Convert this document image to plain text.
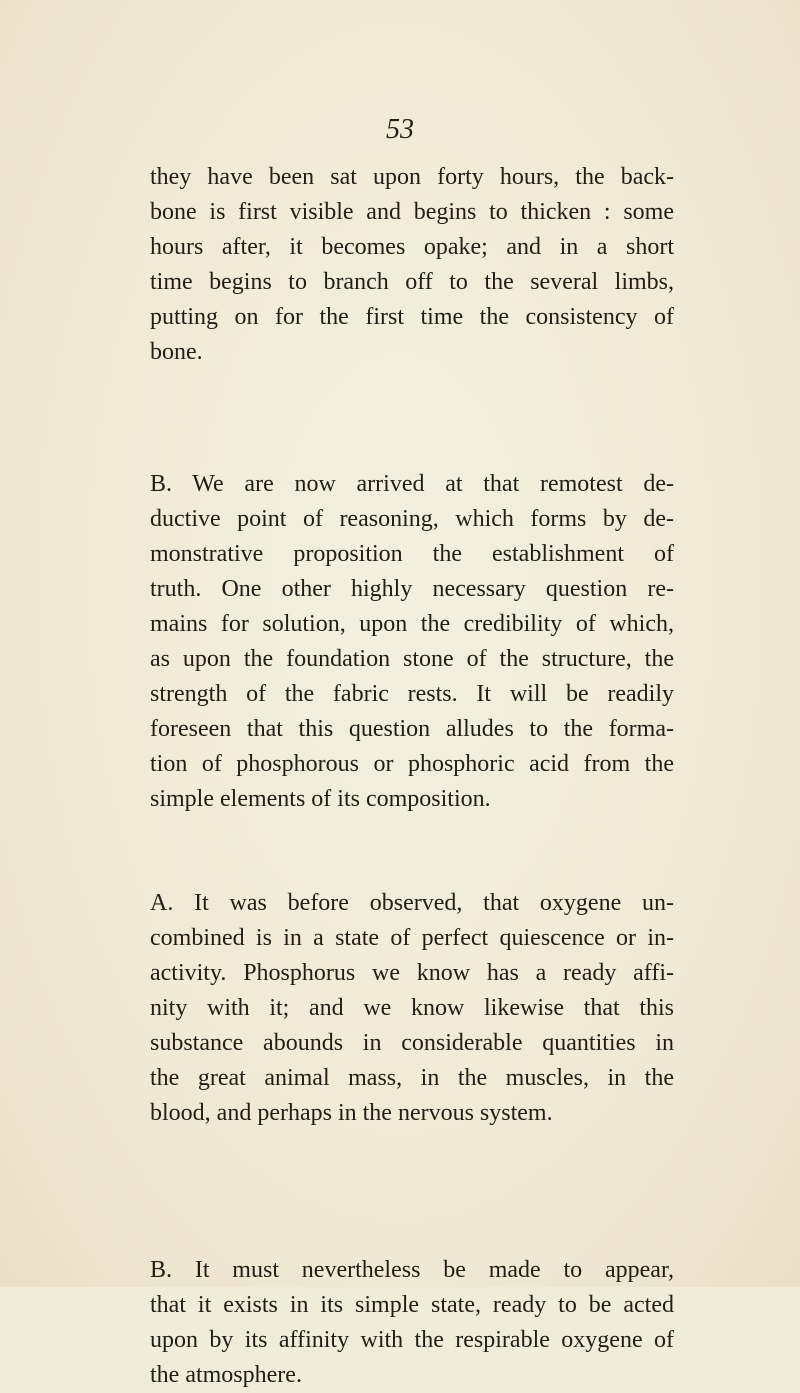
53

they have been sat upon forty hours, the back-
bone is first visible and begins to thicken : some
hours after, it becomes opake; and in a short
time begins to branch off to the several limbs,
putting on for the first time the consistency of
bone.

B. We are now arrived at that remotest de-
ductive point of reasoning, which forms by de-
monstrative proposition the establishment of
truth. One other highly necessary question re-
mains for solution, upon the credibility of which,
as upon the foundation stone of the structure, the
strength of the fabric rests. It will be readily
foreseen that this question alludes to the forma-
tion of phosphorous or phosphoric acid from the
simple elements of its composition.

A. It was before observed, that oxygene un-
combined is in a state of perfect quiescence or in-
activity. Phosphorus we know has a ready affi-
nity with it; and we know likewise that this
substance abounds in considerable quantities in
the great animal mass, in the muscles, in the
blood, and perhaps in the nervous system.

B. It must nevertheless be made to appear,
that it exists in its simple state, ready to be acted
upon by its affinity with the respirable oxygene of
the atmosphere.
